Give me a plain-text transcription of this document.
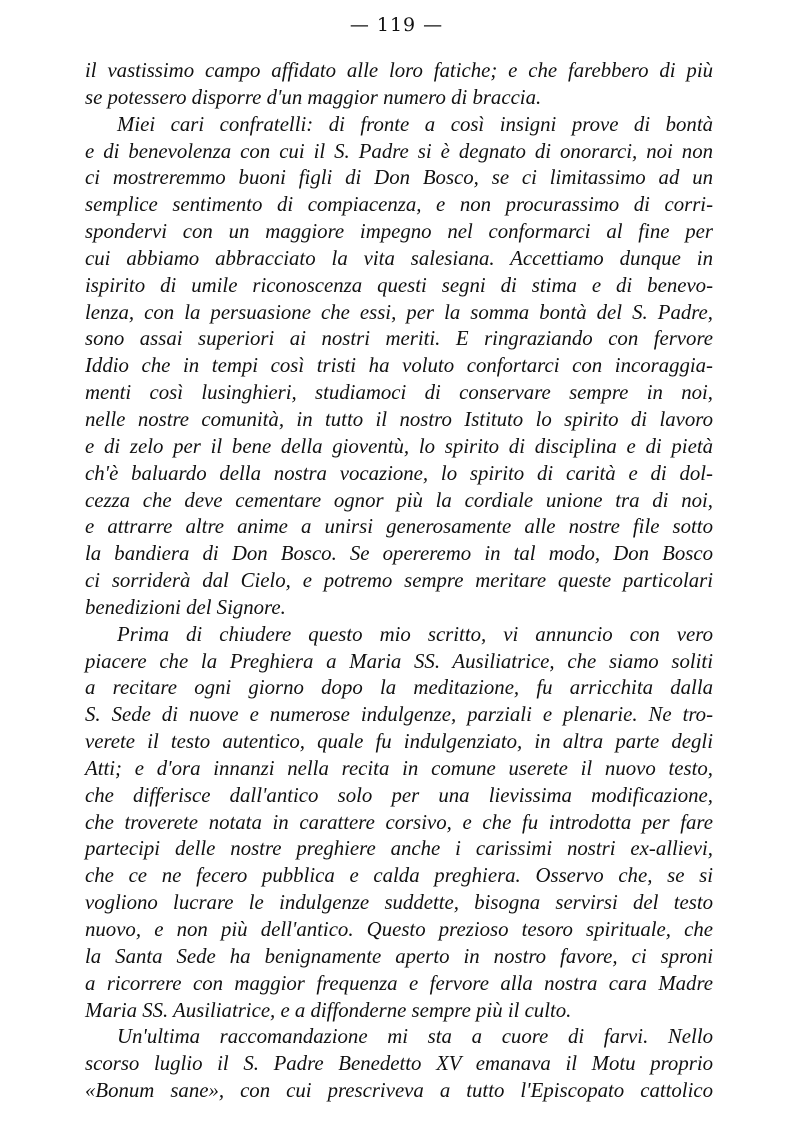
— 119 —
il vastissimo campo affidato alle loro fatiche; e che farebbero di più
se potessero disporre d'un maggior numero di braccia.
Miei cari confratelli: di fronte a così insigni prove di bontà
e di benevolenza con cui il S. Padre si è degnato di onorarci, noi non
ci mostreremmo buoni figli di Don Bosco, se ci limitassimo ad un
semplice sentimento di compiacenza, e non procurassimo di corri-
spondervi con un maggiore impegno nel conformarci al fine per
cui abbiamo abbracciato la vita salesiana. Accettiamo dunque in
ispirito di umile riconoscenza questi segni di stima e di benevo-
lenza, con la persuasione che essi, per la somma bontà del S. Padre,
sono assai superiori ai nostri meriti. E ringraziando con fervore
Iddio che in tempi così tristi ha voluto confortarci con incoraggia-
menti così lusinghieri, studiamoci di conservare sempre in noi,
nelle nostre comunità, in tutto il nostro Istituto lo spirito di lavoro
e di zelo per il bene della gioventù, lo spirito di disciplina e di pietà
ch'è baluardo della nostra vocazione, lo spirito di carità e di dol-
cezza che deve cementare ognor più la cordiale unione tra di noi,
e attrarre altre anime a unirsi generosamente alle nostre file sotto
la bandiera di Don Bosco. Se opereremo in tal modo, Don Bosco
ci sorriderà dal Cielo, e potremo sempre meritare queste particolari
benedizioni del Signore.
Prima di chiudere questo mio scritto, vi annuncio con vero
piacere che la Preghiera a Maria SS. Ausiliatrice, che siamo soliti
a recitare ogni giorno dopo la meditazione, fu arricchita dalla
S. Sede di nuove e numerose indulgenze, parziali e plenarie. Ne tro-
verete il testo autentico, quale fu indulgenziato, in altra parte degli
Atti; e d'ora innanzi nella recita in comune userete il nuovo testo,
che differisce dall'antico solo per una lievissima modificazione,
che troverete notata in carattere corsivo, e che fu introdotta per fare
partecipi delle nostre preghiere anche i carissimi nostri ex-allievi,
che ce ne fecero pubblica e calda preghiera. Osservo che, se si
vogliono lucrare le indulgenze suddette, bisogna servirsi del testo
nuovo, e non più dell'antico. Questo prezioso tesoro spirituale, che
la Santa Sede ha benignamente aperto in nostro favore, ci sproni
a ricorrere con maggior frequenza e fervore alla nostra cara Madre
Maria SS. Ausiliatrice, e a diffonderne sempre più il culto.
Un'ultima raccomandazione mi sta a cuore di farvi. Nello
scorso luglio il S. Padre Benedetto XV emanava il Motu proprio
«Bonum sane», con cui prescriveva a tutto l'Episcopato cattolico
